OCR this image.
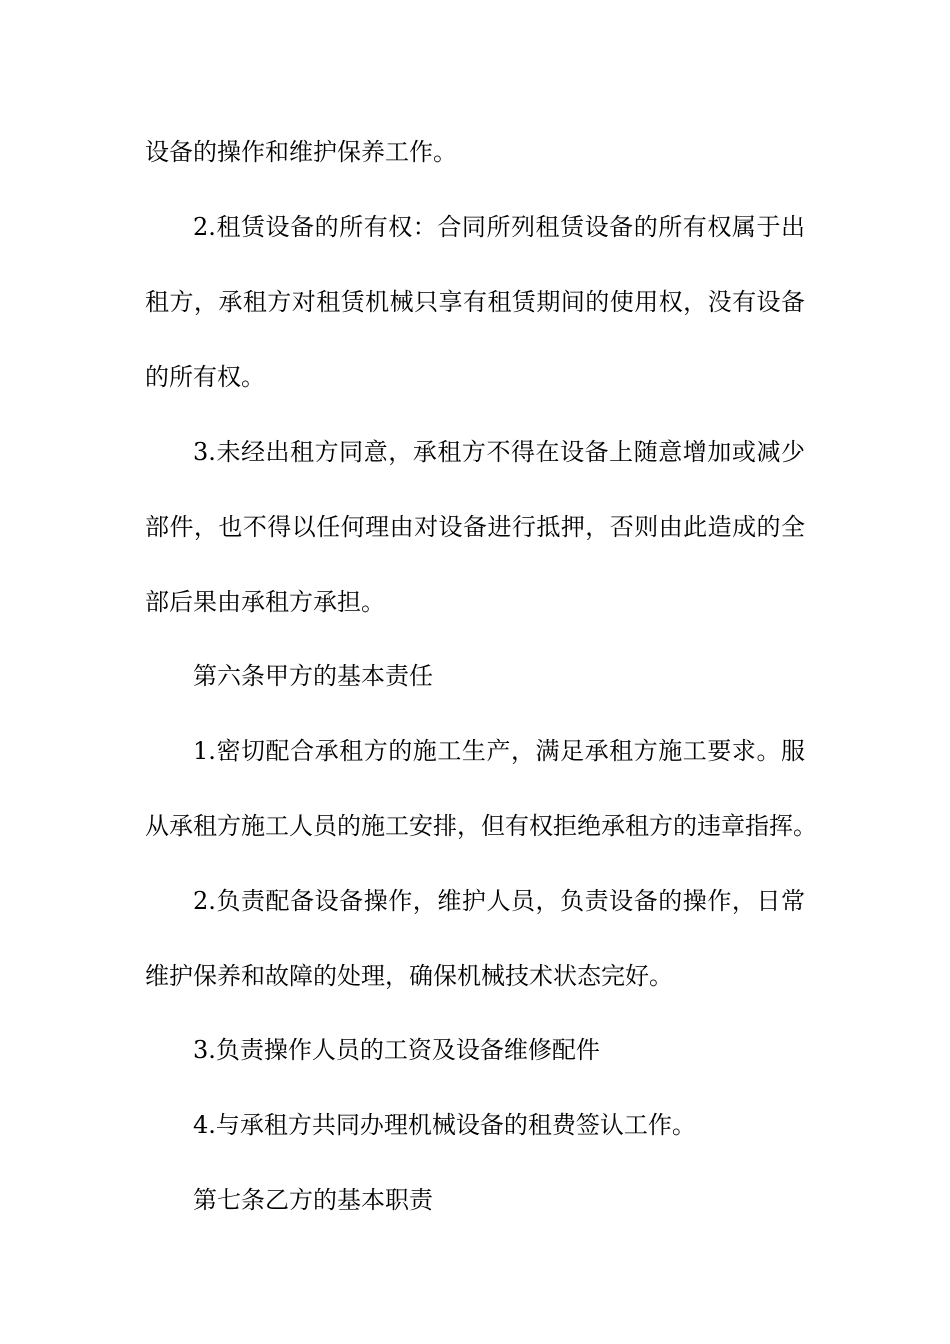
设备的操作和维护保养工作。
2.租赁设备的所有权：合同所列租赁设备的所有权属于出
租方，承租方对租赁机械只享有租赁期间的使用权，没有设备
的所有权。
3.未经出租方同意，承租方不得在设备上随意增加或减少
部件，也不得以任何理由对设备进行抵押，否则由此造成的全
部后果由承租方承担。
第六条甲方的基本责任
1.密切配合承租方的施工生产，满足承租方施工要求。服
从承租方施工人员的施工安排，但有权拒绝承租方的违章指挥。
2.负责配备设备操作，维护人员，负责设备的操作，日常
维护保养和故障的处理，确保机械技术状态完好。
3.负责操作人员的工资及设备维修配件
4.与承租方共同办理机械设备的租费签认工作。
第七条乙方的基本职责
